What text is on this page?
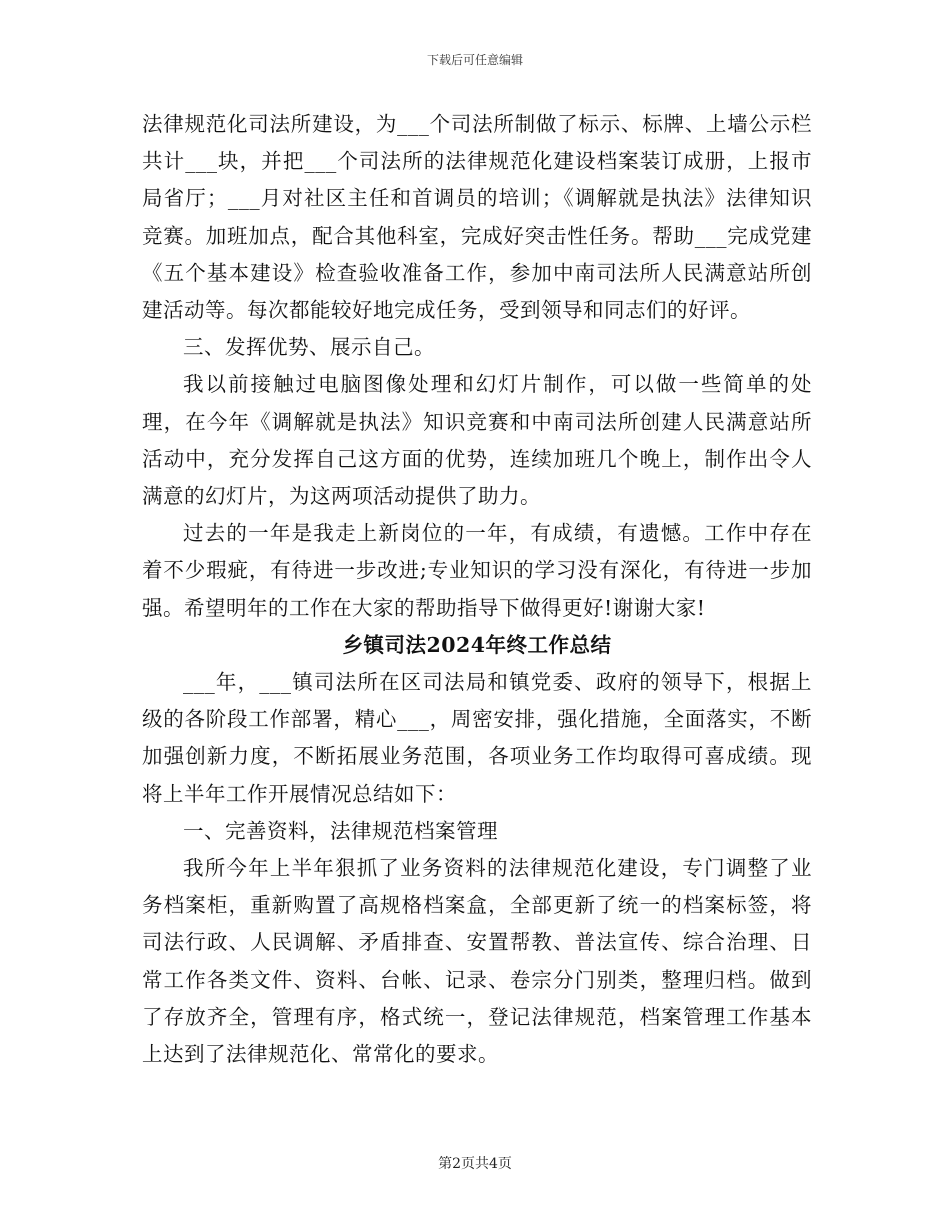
下载后可任意编辑

法律规范化司法所建设，为___个司法所制做了标示、标牌、上墙公示栏共计___块，并把___个司法所的法律规范化建设档案装订成册，上报市局省厅；___月对社区主任和首调员的培训；《调解就是执法》法律知识竞赛。加班加点，配合其他科室，完成好突击性任务。帮助___完成党建《五个基本建设》检查验收准备工作，参加中南司法所人民满意站所创建活动等。每次都能较好地完成任务，受到领导和同志们的好评。

三、发挥优势、展示自己。

我以前接触过电脑图像处理和幻灯片制作，可以做一些简单的处理，在今年《调解就是执法》知识竞赛和中南司法所创建人民满意站所活动中，充分发挥自己这方面的优势，连续加班几个晚上，制作出令人满意的幻灯片，为这两项活动提供了助力。

过去的一年是我走上新岗位的一年，有成绩，有遗憾。工作中存在着不少瑕疵，有待进一步改进;专业知识的学习没有深化，有待进一步加强。希望明年的工作在大家的帮助指导下做得更好!谢谢大家!

乡镇司法2024年终工作总结

___年，___镇司法所在区司法局和镇党委、政府的领导下，根据上级的各阶段工作部署，精心___，周密安排，强化措施，全面落实，不断加强创新力度，不断拓展业务范围，各项业务工作均取得可喜成绩。现将上半年工作开展情况总结如下：

一、完善资料，法律规范档案管理

我所今年上半年狠抓了业务资料的法律规范化建设，专门调整了业务档案柜，重新购置了高规格档案盒，全部更新了统一的档案标签，将司法行政、人民调解、矛盾排查、安置帮教、普法宣传、综合治理、日常工作各类文件、资料、台帐、记录、卷宗分门别类，整理归档。做到了存放齐全，管理有序，格式统一，登记法律规范，档案管理工作基本上达到了法律规范化、常常化的要求。

第2页共4页
